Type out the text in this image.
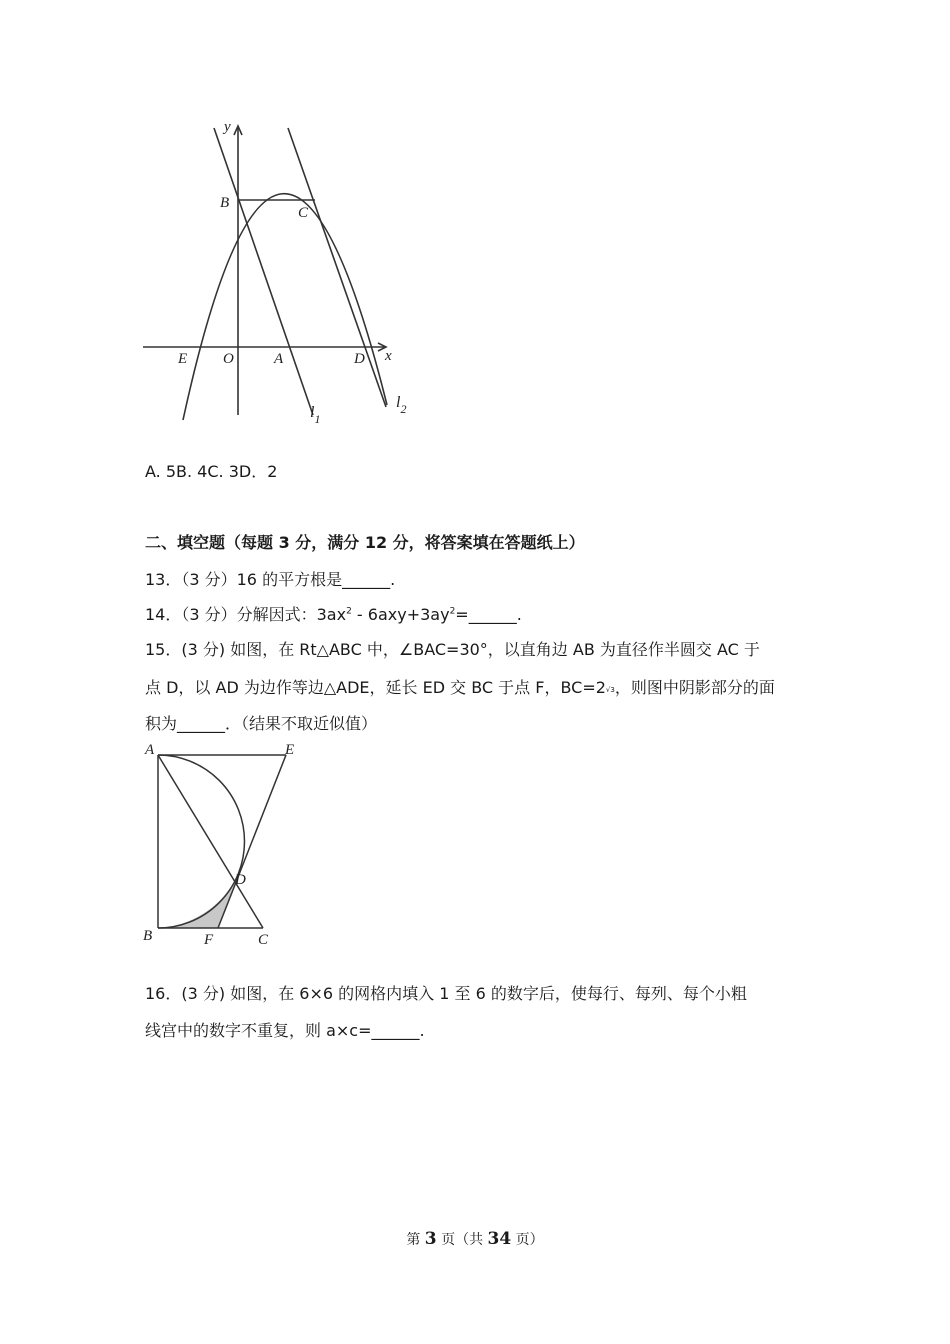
y
x
B
C
E O	A	D
$l_1$
$l_2$
A. 5B. 4C. 3D．2
二、填空题（每题 3 分，满分 12 分，将答案填在答题纸上）
13．（3 分）16 的平方根是______.
14．（3 分）分解因式：$3ax^2$ - $6axy+3ay^2=\_\_\_\_\_\_$.
15．(3 分) 如图，在 Rt△ABC 中，∠BAC=30°，以直角边 AB 为直径作半圆交 AC 于
点 D，以 AD 为边作等边△ADE，延长 ED 交 BC 于点 F，BC=2√3，则图中阴影部分的面
积为______．（结果不取近似值）
A	E
D
B	F	C
16．(3 分) 如图，在 6×6 的网格内填入 1 至 6 的数字后，使每行、每列、每个小粗
线宫中的数字不重复，则 a×c=______.
第 3 页（共 34 页）
